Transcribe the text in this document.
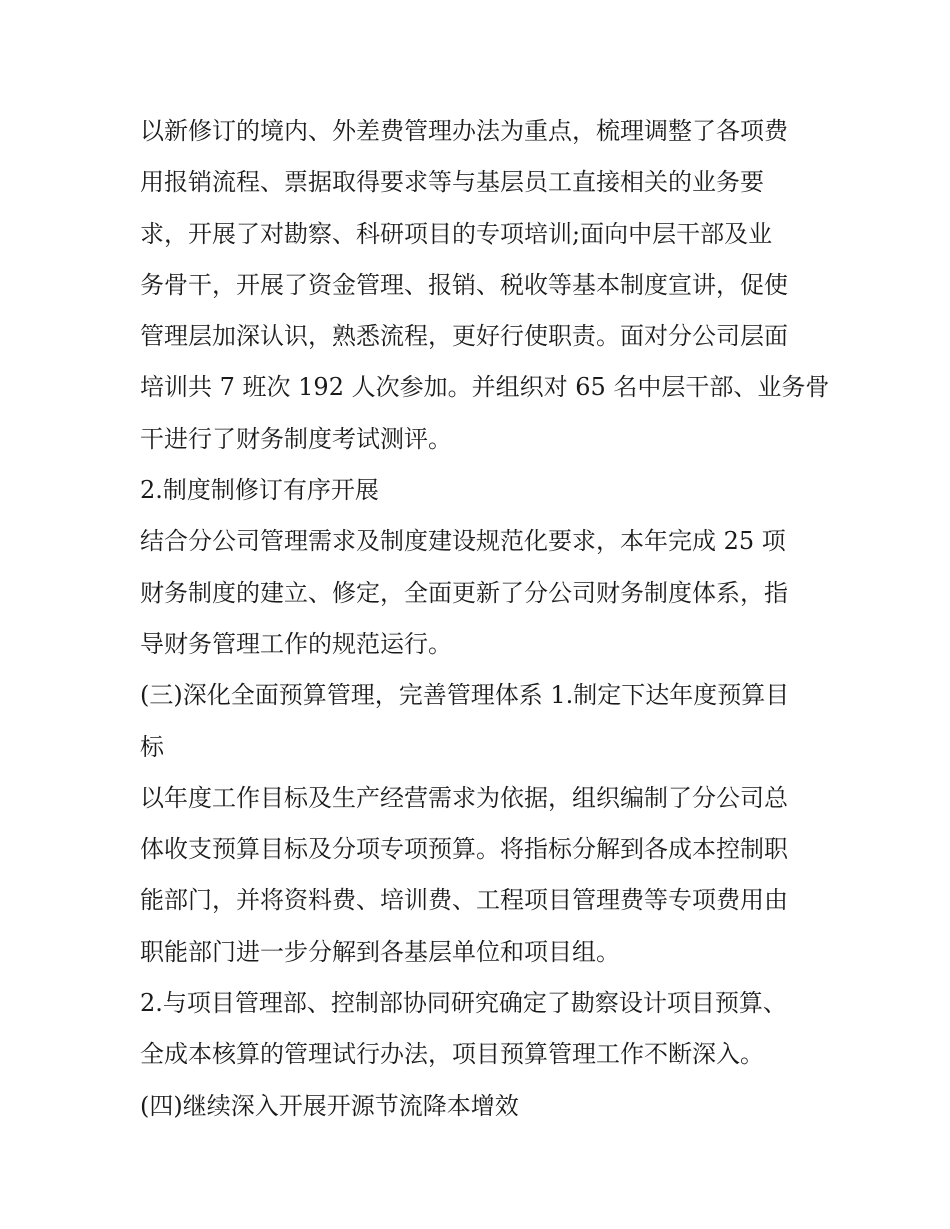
以新修订的境内、外差费管理办法为重点，梳理调整了各项费
用报销流程、票据取得要求等与基层员工直接相关的业务要
求，开展了对勘察、科研项目的专项培训;面向中层干部及业
务骨干，开展了资金管理、报销、税收等基本制度宣讲，促使
管理层加深认识，熟悉流程，更好行使职责。面对分公司层面
培训共 7 班次 192 人次参加。并组织对 65 名中层干部、业务骨
干进行了财务制度考试测评。
2.制度制修订有序开展
结合分公司管理需求及制度建设规范化要求，本年完成 25 项
财务制度的建立、修定，全面更新了分公司财务制度体系，指
导财务管理工作的规范运行。
(三)深化全面预算管理，完善管理体系 1.制定下达年度预算目
标
以年度工作目标及生产经营需求为依据，组织编制了分公司总
体收支预算目标及分项专项预算。将指标分解到各成本控制职
能部门，并将资料费、培训费、工程项目管理费等专项费用由
职能部门进一步分解到各基层单位和项目组。
2.与项目管理部、控制部协同研究确定了勘察设计项目预算、
全成本核算的管理试行办法，项目预算管理工作不断深入。
(四)继续深入开展开源节流降本增效
